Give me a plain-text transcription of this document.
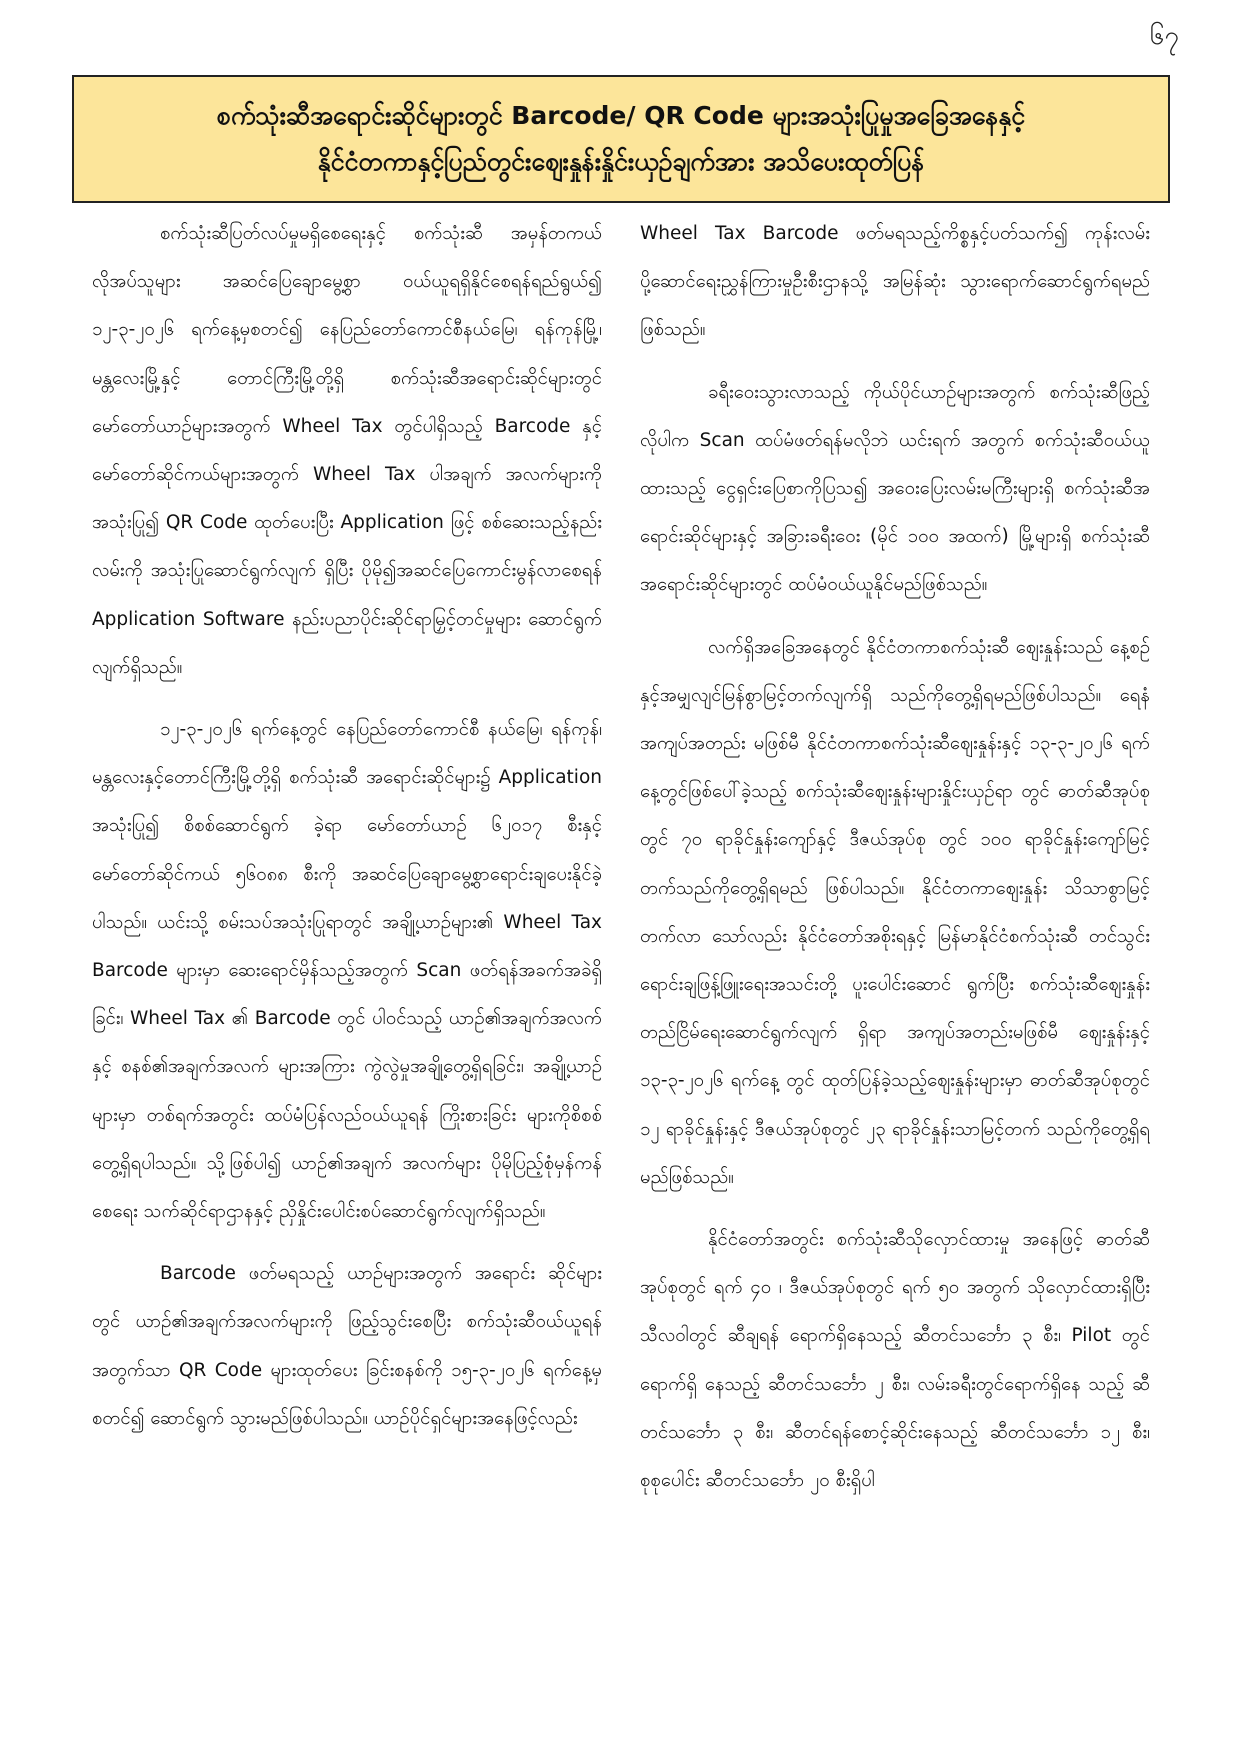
၆၇
စက်သုံးဆီအရောင်းဆိုင်များတွင် Barcode/ QR Code များအသုံးပြုမှုအခြေအနေနှင့်
နိုင်ငံတကာနှင့်ပြည်တွင်းဈေးနှုန်းနှိုင်းယှဉ်ချက်အား အသိပေးထုတ်ပြန်

စက်သုံးဆီပြတ်လပ်မှုမရှိစေရေးနှင့် စက်သုံးဆီ အမှန်တကယ်လိုအပ်သူများ အဆင်ပြေချောမွေ့စွာ ဝယ်ယူရရှိနိုင်စေရန်ရည်ရွယ်၍ ၁၂-၃-၂၀၂၆ ရက်နေ့မှစတင်၍ နေပြည်တော်ကောင်စီနယ်မြေ၊ ရန်ကုန်မြို့၊ မန္တလေးမြို့နှင့် တောင်ကြီးမြို့တို့ရှိ စက်သုံးဆီအရောင်းဆိုင်များတွင် မော်တော်ယာဉ်များအတွက် Wheel Tax တွင်ပါရှိသည့် Barcode နှင့်မော်တော်ဆိုင်ကယ်များအတွက် Wheel Tax ပါအချက် အလက်များကိုအသုံးပြု၍ QR Code ထုတ်ပေးပြီး Application ဖြင့် စစ်ဆေးသည့်နည်းလမ်းကို အသုံးပြုဆောင်ရွက်လျက် ရှိပြီး ပိုမို၍အဆင်ပြေကောင်းမွန်လာစေရန် Application Software နည်းပညာပိုင်းဆိုင်ရာမြှင့်တင်မှုများ ဆောင်ရွက် လျက်ရှိသည်။

၁၂-၃-၂၀၂၆ ရက်နေ့တွင် နေပြည်တော်ကောင်စီ နယ်မြေ၊ ရန်ကုန်၊ မန္တလေးနှင့်တောင်ကြီးမြို့တို့ရှိ စက်သုံးဆီ အရောင်းဆိုင်များ၌ Application အသုံးပြု၍ စိစစ်ဆောင်ရွက် ခဲ့ရာ မော်တော်ယာဉ် ၆၂၀၁၇ စီးနှင့် မော်တော်ဆိုင်ကယ် ၅၆၀၈၈ စီးကို အဆင်ပြေချောမွေ့စွာရောင်းချပေးနိုင်ခဲ့ပါသည်။ ယင်းသို့ စမ်းသပ်အသုံးပြုရာတွင် အချို့ယာဉ်များ၏ Wheel Tax Barcode များမှာ ဆေးရောင်မှိန်သည့်အတွက် Scan ဖတ်ရန်အခက်အခဲရှိခြင်း၊ Wheel Tax ၏ Barcode တွင် ပါဝင်သည့် ယာဉ်၏အချက်အလက်နှင့် စနစ်၏အချက်အလက် များအကြား ကွဲလွဲမှုအချို့တွေ့ရှိရခြင်း၊ အချို့ယာဉ်များမှာ တစ်ရက်အတွင်း ထပ်မံပြန်လည်ဝယ်ယူရန် ကြိုးစားခြင်း များကိုစိစစ်တွေ့ရှိရပါသည်။ သို့ဖြစ်ပါ၍ ယာဉ်၏အချက် အလက်များ ပိုမိုပြည့်စုံမှန်ကန်စေရေး သက်ဆိုင်ရာဌာနနှင့် ညှိနှိုင်းပေါင်းစပ်ဆောင်ရွက်လျက်ရှိသည်။

Barcode ဖတ်မရသည့် ယာဉ်များအတွက် အရောင်း ဆိုင်များတွင် ယာဉ်၏အချက်အလက်များကို ဖြည့်သွင်းစေပြီး စက်သုံးဆီဝယ်ယူရန်အတွက်သာ QR Code များထုတ်ပေး ခြင်းစနစ်ကို ၁၅-၃-၂၀၂၆ ရက်နေ့မှစတင်၍ ဆောင်ရွက် သွားမည်ဖြစ်ပါသည်။ ယာဉ်ပိုင်ရှင်များအနေဖြင့်လည်း

Wheel Tax Barcode ဖတ်မရသည့်ကိစ္စနှင့်ပတ်သက်၍ ကုန်းလမ်းပို့ဆောင်ရေးညွှန်ကြားမှုဦးစီးဌာနသို့ အမြန်ဆုံး သွားရောက်ဆောင်ရွက်ရမည်ဖြစ်သည်။

ခရီးဝေးသွားလာသည့် ကိုယ်ပိုင်ယာဉ်များအတွက် စက်သုံးဆီဖြည့်လိုပါက Scan ထပ်မံဖတ်ရန်မလိုဘဲ ယင်းရက် အတွက် စက်သုံးဆီဝယ်ယူထားသည့် ငွေရှင်းပြေစာကိုပြသ၍ အဝေးပြေးလမ်းမကြီးများရှိ စက်သုံးဆီအရောင်းဆိုင်များနှင့် အခြားခရီးဝေး (မိုင် ၁၀၀ အထက်) မြို့များရှိ စက်သုံးဆီ အရောင်းဆိုင်များတွင် ထပ်မံဝယ်ယူနိုင်မည်ဖြစ်သည်။

လက်ရှိအခြေအနေတွင် နိုင်ငံတကာစက်သုံးဆီ ဈေးနှုန်းသည် နေ့စဉ်နှင့်အမျှလျင်မြန်စွာမြင့်တက်လျက်ရှိ သည်ကိုတွေ့ရှိရမည်ဖြစ်ပါသည်။ ရေနံအကျပ်အတည်း မဖြစ်မီ နိုင်ငံတကာစက်သုံးဆီဈေးနှုန်းနှင့် ၁၃-၃-၂၀၂၆ ရက် နေ့တွင်ဖြစ်ပေါ်ခဲ့သည့် စက်သုံးဆီဈေးနှုန်းများနှိုင်းယှဉ်ရာ တွင် ဓာတ်ဆီအုပ်စုတွင် ၇၀ ရာခိုင်နှုန်းကျော်နှင့် ဒီဇယ်အုပ်စု တွင် ၁၀၀ ရာခိုင်နှုန်းကျော်မြင့်တက်သည်ကိုတွေ့ရှိရမည် ဖြစ်ပါသည်။ နိုင်ငံတကာဈေးနှုန်း သိသာစွာမြင့်တက်လာ သော်လည်း နိုင်ငံတော်အစိုးရနှင့် မြန်မာနိုင်ငံစက်သုံးဆီ တင်သွင်းရောင်းချဖြန့်ဖြူးရေးအသင်းတို့ ပူးပေါင်းဆောင် ရွက်ပြီး စက်သုံးဆီဈေးနှုန်း တည်ငြိမ်ရေးဆောင်ရွက်လျက် ရှိရာ အကျပ်အတည်းမဖြစ်မီ ဈေးနှုန်းနှင့် ၁၃-၃-၂၀၂၆ ရက်နေ့ တွင် ထုတ်ပြန်ခဲ့သည့်ဈေးနှုန်းများမှာ ဓာတ်ဆီအုပ်စုတွင် ၁၂ ရာခိုင်နှုန်းနှင့် ဒီဇယ်အုပ်စုတွင် ၂၃ ရာခိုင်နှုန်းသာမြင့်တက် သည်ကိုတွေ့ရှိရမည်ဖြစ်သည်။

နိုင်ငံတော်အတွင်း စက်သုံးဆီသိုလှောင်ထားမှု အနေဖြင့် ဓာတ်ဆီအုပ်စုတွင် ရက် ၄၀ ၊ ဒီဇယ်အုပ်စုတွင် ရက် ၅၀ အတွက် သိုလှောင်ထားရှိပြီး သီလဝါတွင် ဆီချရန် ရောက်ရှိနေသည့် ဆီတင်သင်္ဘော ၃ စီး၊ Pilot တွင်ရောက်ရှိ နေသည့် ဆီတင်သင်္ဘော ၂ စီး၊ လမ်းခရီးတွင်ရောက်ရှိနေ သည့် ဆီတင်သင်္ဘော ၃ စီး၊ ဆီတင်ရန်စောင့်ဆိုင်းနေသည့် ဆီတင်သင်္ဘော ၁၂ စီး၊ စုစုပေါင်း ဆီတင်သင်္ဘော ၂၀ စီးရှိပါ
